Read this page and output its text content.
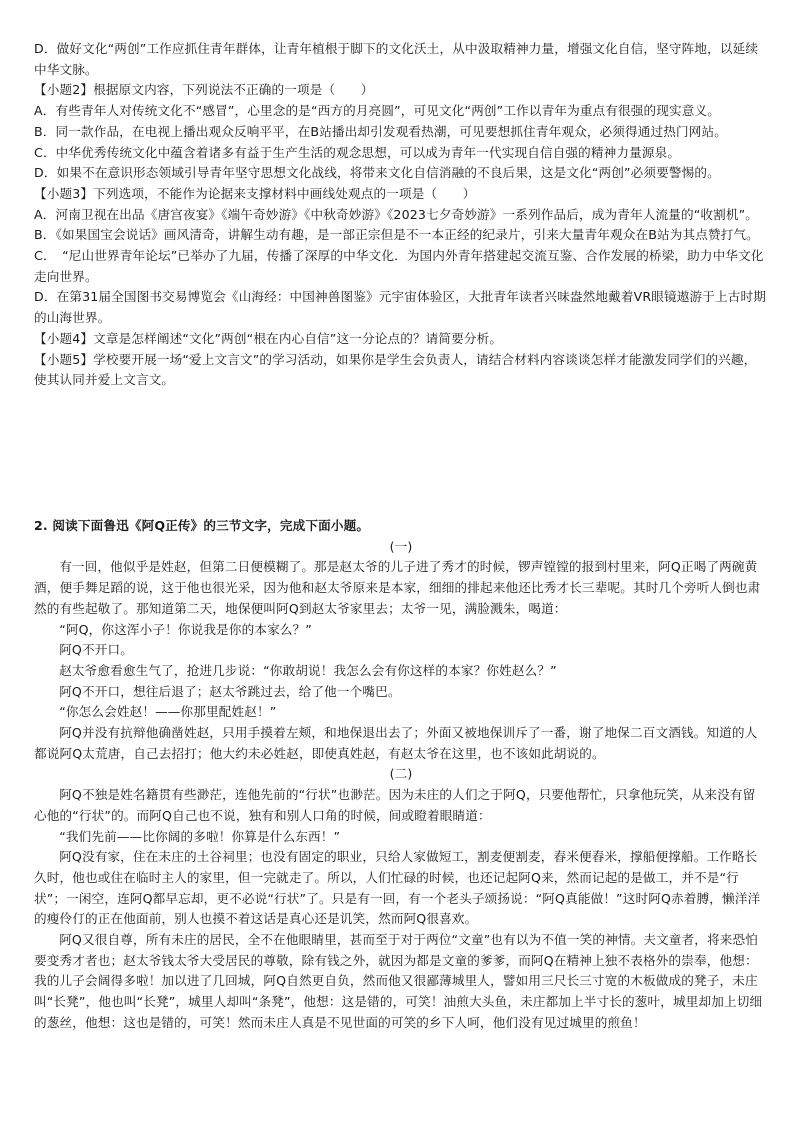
D．做好文化“两创”工作应抓住青年群体，让青年植根于脚下的文化沃土，从中汲取精神力量，增强文化自信，坚守阵地，以延续中华文脉。

【小题2】根据原文内容，下列说法不正确的一项是（　　）

A．有些青年人对传统文化不“感冒”，心里念的是“西方的月亮圆”，可见文化“两创”工作以青年为重点有很强的现实意义。

B．同一款作品，在电视上播出观众反响平平，在B站播出却引发观看热潮，可见要想抓住青年观众，必须得通过热门网站。

C．中华优秀传统文化中蕴含着诸多有益于生产生活的观念思想，可以成为青年一代实现自信自强的精神力量源泉。

D．如果不在意识形态领域引导青年坚守思想文化战线，将带来文化自信消融的不良后果，这是文化“两创”必须要警惕的。

【小题3】下列选项，不能作为论据来支撑材料中画线处观点的一项是（　　）

A．河南卫视在出品《唐宫夜宴》《端午奇妙游》《中秋奇妙游》《2023七夕奇妙游》一系列作品后，成为青年人流量的“收割机”。

B．《如果国宝会说话》画风清奇，讲解生动有趣，是一部正宗但是不一本正经的纪录片，引来大量青年观众在B站为其点赞打气。

C．　“尼山世界青年论坛”已举办了九届，传播了深厚的中华文化．为国内外青年搭建起交流互鉴、合作发展的桥梁，助力中华文化走向世界。

D．在第31届全国图书交易博览会《山海经：中国神兽图鉴》元宇宙体验区，大批青年读者兴味盎然地戴着VR眼镜遨游于上古时期的山海世界。

【小题4】文章是怎样阐述“文化”两创“根在内心自信”这一分论点的？请简要分析。

【小题5】学校要开展一场“爱上文言文”的学习活动，如果你是学生会负责人，请结合材料内容谈谈怎样才能激发同学们的兴趣，使其认同并爱上文言文。

2. 阅读下面鲁迅《阿Q正传》的三节文字，完成下面小题。

(一)

有一回，他似乎是姓赵，但第二日便模糊了。那是赵太爷的儿子进了秀才的时候，锣声镗镗的报到村里来，阿Q正喝了两碗黄酒，便手舞足蹈的说，这于他也很光采，因为他和赵太爷原来是本家，细细的排起来他还比秀才长三辈呢。其时几个旁听人倒也肃然的有些起敬了。那知道第二天，地保便叫阿Q到赵太爷家里去；太爷一见，满脸溅朱，喝道：

“阿Q，你这浑小子！你说我是你的本家么？”

阿Q不开口。

赵太爷愈看愈生气了，抢进几步说：“你敢胡说！我怎么会有你这样的本家？你姓赵么？”

阿Q不开口，想往后退了；赵太爷跳过去，给了他一个嘴巴。

“你怎么会姓赵！——你那里配姓赵！”

阿Q并没有抗辩他确凿姓赵，只用手摸着左颊，和地保退出去了；外面又被地保训斥了一番，谢了地保二百文酒钱。知道的人都说阿Q太荒唐，自己去招打；他大约未必姓赵，即使真姓赵，有赵太爷在这里，也不该如此胡说的。

(二)

阿Q不独是姓名籍贯有些渺茫，连他先前的“行状”也渺茫。因为未庄的人们之于阿Q，只要他帮忙，只拿他玩笑，从来没有留心他的“行状”的。而阿Q自己也不说，独有和别人口角的时候，间或瞪着眼睛道：

“我们先前——比你阔的多啦！你算是什么东西！”

阿Q没有家，住在未庄的土谷祠里；也没有固定的职业，只给人家做短工，割麦便割麦，舂米便舂米，撑船便撑船。工作略长久时，他也或住在临时主人的家里，但一完就走了。所以，人们忙碌的时候，也还记起阿Q来，然而记起的是做工，并不是“行状”；一闲空，连阿Q都早忘却，更不必说“行状”了。只是有一回，有一个老头子颂扬说：“阿Q真能做！”这时阿Q赤着膊，懒洋洋的瘦伶仃的正在他面前，别人也摸不着这话是真心还是讥笑，然而阿Q很喜欢。

阿Q又很自尊，所有未庄的居民，全不在他眼睛里，甚而至于对于两位“文童”也有以为不值一笑的神情。夫文童者，将来恐怕要变秀才者也；赵太爷钱太爷大受居民的尊敬，除有钱之外，就因为都是文童的爹爹，而阿Q在精神上独不表格外的崇奉，他想：我的儿子会阔得多啦！加以进了几回城，阿Q自然更自负，然而他又很鄙薄城里人，譬如用三尺长三寸宽的木板做成的凳子，未庄叫“长凳”，他也叫“长凳”，城里人却叫“条凳”，他想：这是错的，可笑！油煎大头鱼，未庄都加上半寸长的葱叶，城里却加上切细的葱丝，他想：这也是错的，可笑！然而未庄人真是不见世面的可笑的乡下人呵，他们没有见过城里的煎鱼！
